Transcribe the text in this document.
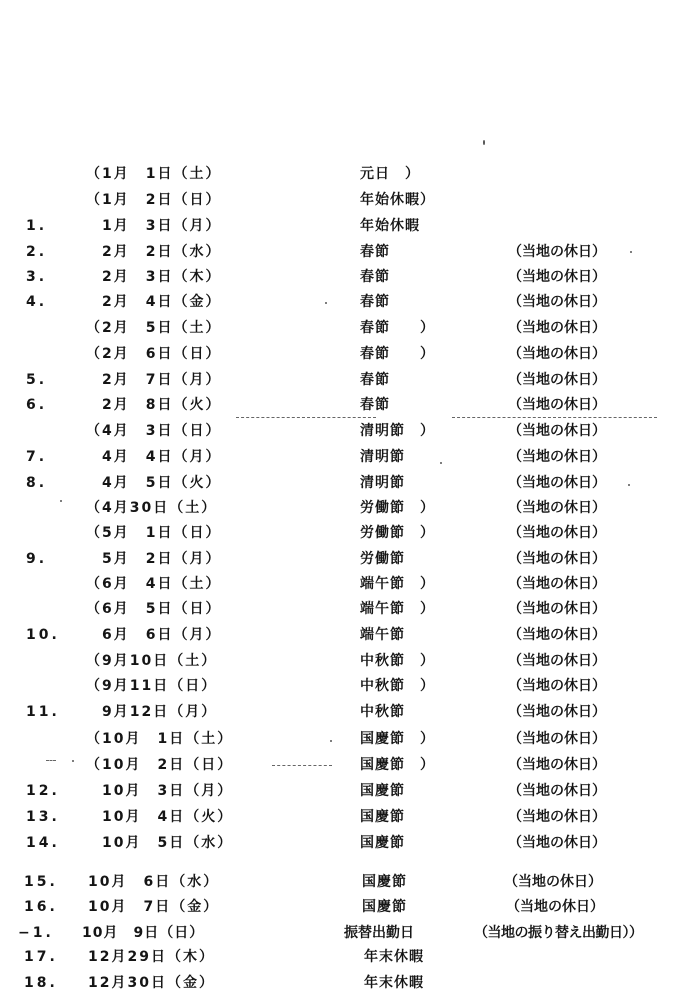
（1月　1日（土）	元日　）
（1月　2日（日）	年始休暇）
1.	　1月　3日（月）	年始休暇
2.	　2月　2日（水）	春節	（当地の休日）
3.	　2月　3日（木）	春節	（当地の休日）
4.	　2月　4日（金）	春節	（当地の休日）
（2月　5日（土）	春節　　）	（当地の休日）
（2月　6日（日）	春節　　）	（当地の休日）
5.	　2月　7日（月）	春節	（当地の休日）
6.	　2月　8日（火）	春節	（当地の休日）
（4月　3日（日）	清明節　）	（当地の休日）
7.	　4月　4日（月）	清明節	（当地の休日）
8.	　4月　5日（火）	清明節	（当地の休日）
（4月30日（土）	労働節　）	（当地の休日）
（5月　1日（日）	労働節　）	（当地の休日）
9.	　5月　2日（月）	労働節	（当地の休日）
（6月　4日（土）	端午節　）	（当地の休日）
（6月　5日（日）	端午節　）	（当地の休日）
10.	　6月　6日（月）	端午節	（当地の休日）
（9月10日（土）	中秋節　）	（当地の休日）
（9月11日（日）	中秋節　）	（当地の休日）
11.	　9月12日（月）	中秋節	（当地の休日）
（10月　1日（土）	国慶節　）	（当地の休日）
（10月　2日（日）	国慶節　）	（当地の休日）
12.	　10月　3日（月）	国慶節	（当地の休日）
13.	　10月　4日（火）	国慶節	（当地の休日）
14.	　10月　5日（水）	国慶節	（当地の休日）
15.	10月　6日（水）	国慶節	（当地の休日）
16.	10月　7日（金）	国慶節	（当地の休日）
−1.	10月　9日（日）	振替出勤日	（当地の振り替え出勤日））
17.	12月29日（木）	年末休暇
18.	12月30日（金）	年末休暇
